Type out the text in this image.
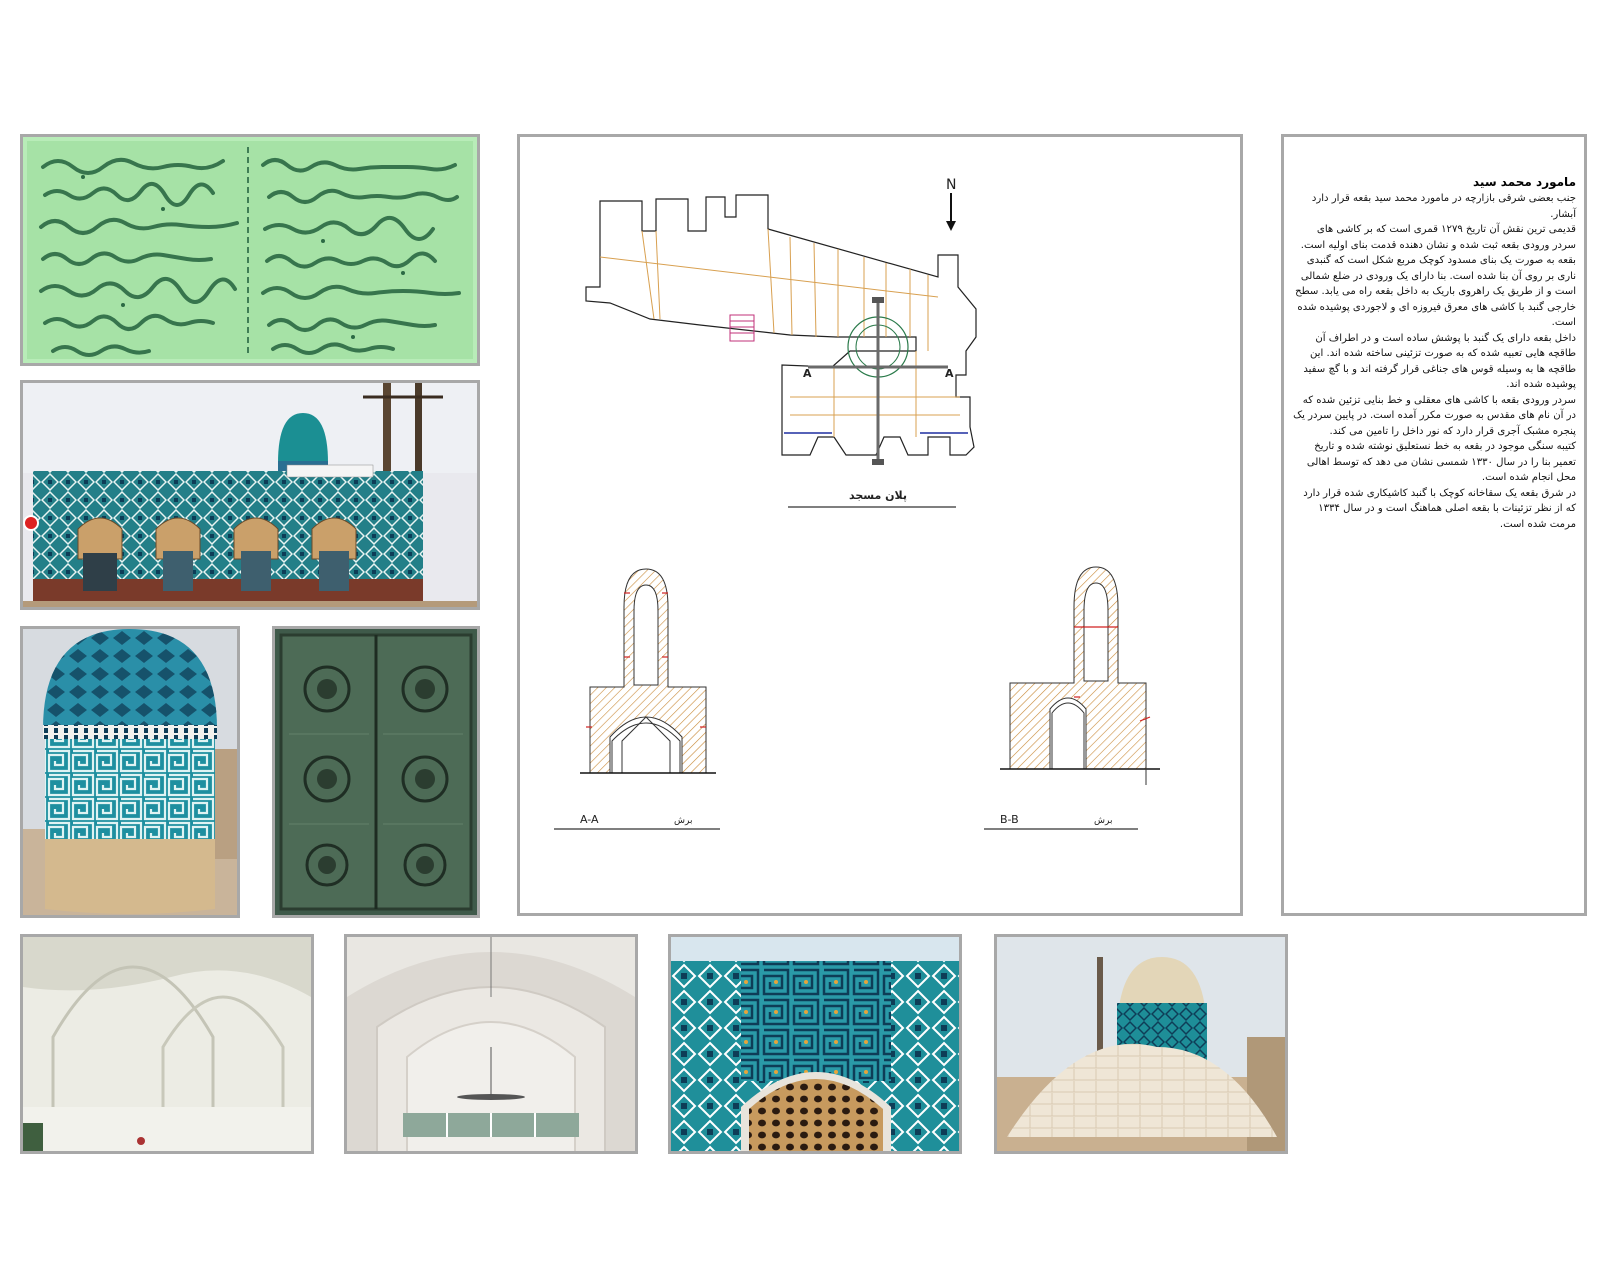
A	A
N
پلان مسجد
A-A	برش	B-B	برش
مامورد محمد سید

جنب بعضی شرقی بازارچه در مامورد محمد سید بقعه قرار دارد آبشار.

قدیمی ترین نقش آن تاریخ ۱۲۷۹ قمری است که بر کاشی های سردر ورودی بقعه ثبت شده و نشان دهنده قدمت بنای اولیه است.

بقعه به صورت یک بنای مسدود کوچک مربع شکل است که گنبدی ناری بر روی آن بنا شده است. بنا دارای یک ورودی در ضلع شمالی است و از طریق یک راهروی باریک به داخل بقعه راه می یابد. سطح خارجی گنبد با کاشی های معرق فیروزه ای و لاجوردی پوشیده شده است.

داخل بقعه دارای یک گنبد با پوشش ساده است و در اطراف آن طاقچه هایی تعبیه شده که به صورت تزئینی ساخته شده اند. این طاقچه ها به وسیله قوس های جناغی قرار گرفته اند و با گچ سفید پوشیده شده اند.

سردر ورودی بقعه با کاشی های معقلی و خط بنایی تزئین شده که در آن نام های مقدس به صورت مکرر آمده است. در پایین سردر یک پنجره مشبک آجری قرار دارد که نور داخل را تامین می کند.

کتیبه سنگی موجود در بقعه به خط نستعلیق نوشته شده و تاریخ تعمیر بنا را در سال ۱۳۳۰ شمسی نشان می دهد که توسط اهالی محل انجام شده است.

در شرق بقعه یک سقاخانه کوچک با گنبد کاشیکاری شده قرار دارد که از نظر تزئینات با بقعه اصلی هماهنگ است و در سال ۱۳۳۴ مرمت شده است.
